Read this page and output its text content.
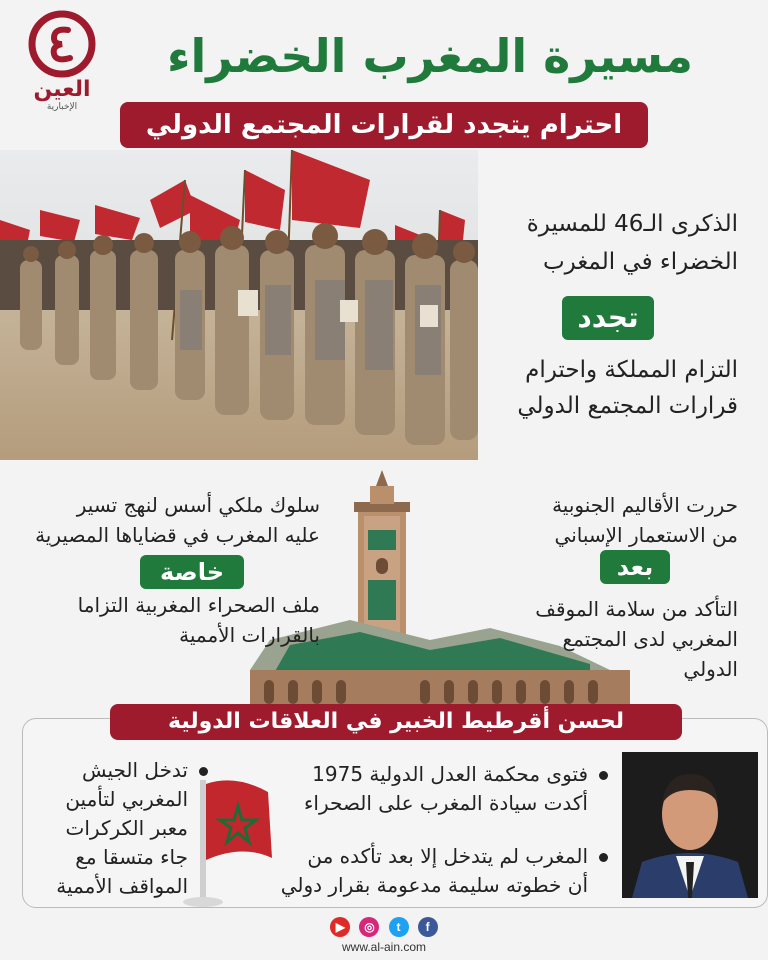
العين
الإخبارية
مسيرة المغرب الخضراء
احترام يتجدد لقرارات المجتمع الدولي
الذكرى الـ46 للمسيرة
الخضراء في المغرب
تجدد
التزام المملكة واحترام
قرارات المجتمع الدولي
سلوك ملكي أسس لنهج تسير
عليه المغرب في قضاياها المصيرية
خاصة
ملف الصحراء المغربية التزاما
بالقرارات الأممية
حررت الأقاليم الجنوبية
من الاستعمار الإسباني
بعد
التأكد من سلامة الموقف
المغربي لدى المجتمع
الدولي
لحسن أقرطيط الخبير في العلاقات الدولية
فتوى محكمة العدل الدولية 1975
أكدت سيادة المغرب على الصحراء
المغرب لم يتدخل إلا بعد تأكده من
أن خطوته سليمة مدعومة بقرار دولي
تدخل الجيش
المغربي لتأمين
معبر الكركرات
جاء متسقا مع
المواقف الأممية
▶ ◎ t f
www.al-ain.com
